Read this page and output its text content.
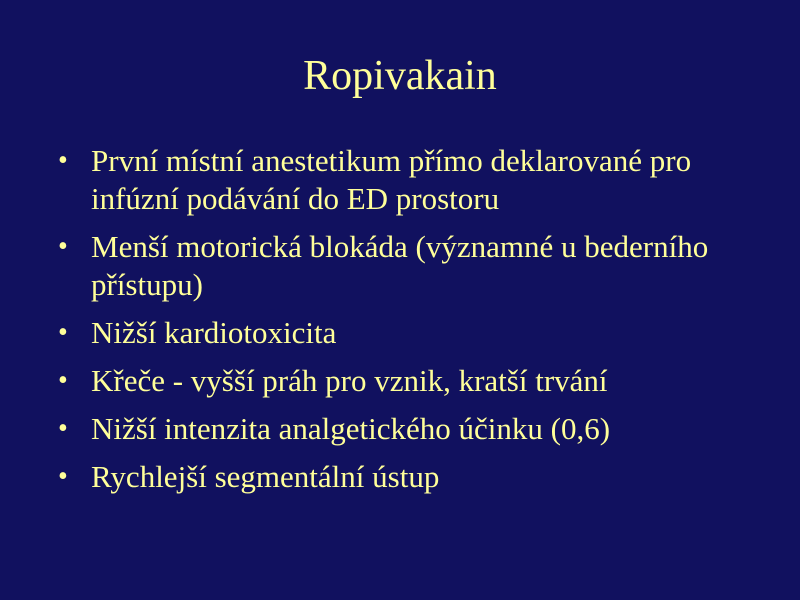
Ropivakain
• První místní anestetikum přímo deklarované pro infúzní podávání do ED prostoru
• Menší motorická blokáda (významné u bederního přístupu)
• Nižší kardiotoxicita
• Křeče - vyšší práh pro vznik, kratší trvání
• Nižší intenzita analgetického účinku (0,6)
• Rychlejší segmentální ústup
